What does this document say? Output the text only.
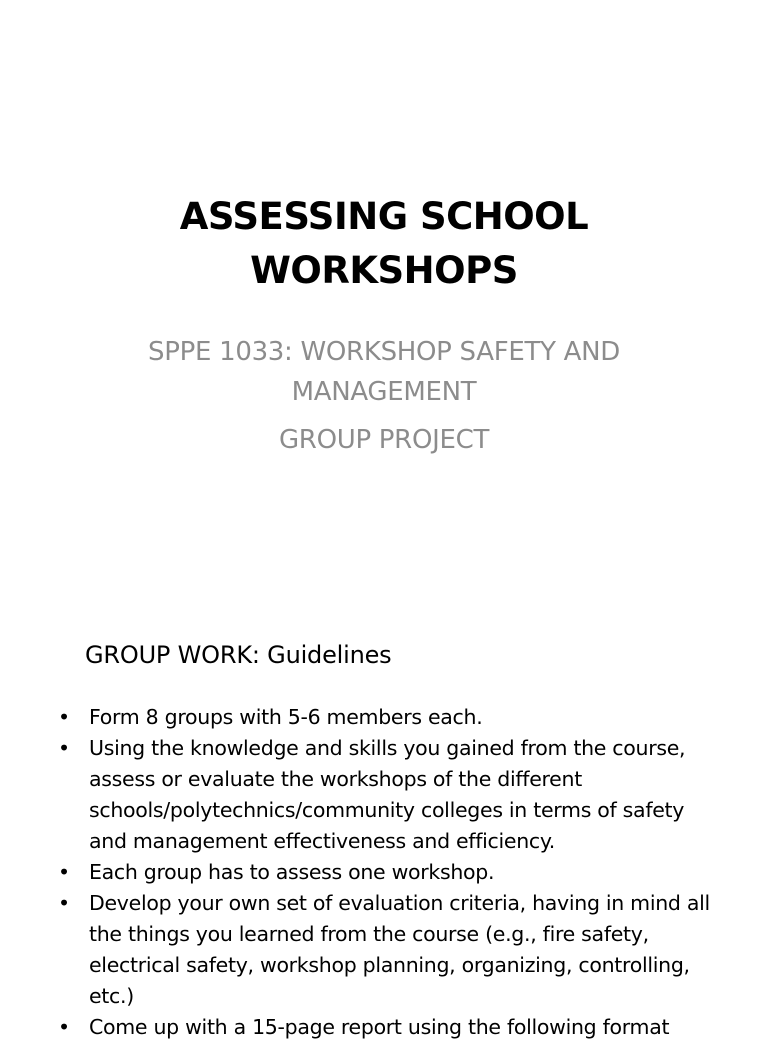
ASSESSING SCHOOL
WORKSHOPS
SPPE 1033: WORKSHOP SAFETY AND
MANAGEMENT
GROUP PROJECT
GROUP WORK: Guidelines
• Form 8 groups with 5-6 members each.
• Using the knowledge and skills you gained from the course, assess or evaluate the workshops of the different schools/polytechnics/community colleges in terms of safety and management effectiveness and efficiency.
• Each group has to assess one workshop.
• Develop your own set of evaluation criteria, having in mind all the things you learned from the course (e.g., fire safety, electrical safety, workshop planning, organizing, controlling, etc.)
• Come up with a 15-page report using the following format
